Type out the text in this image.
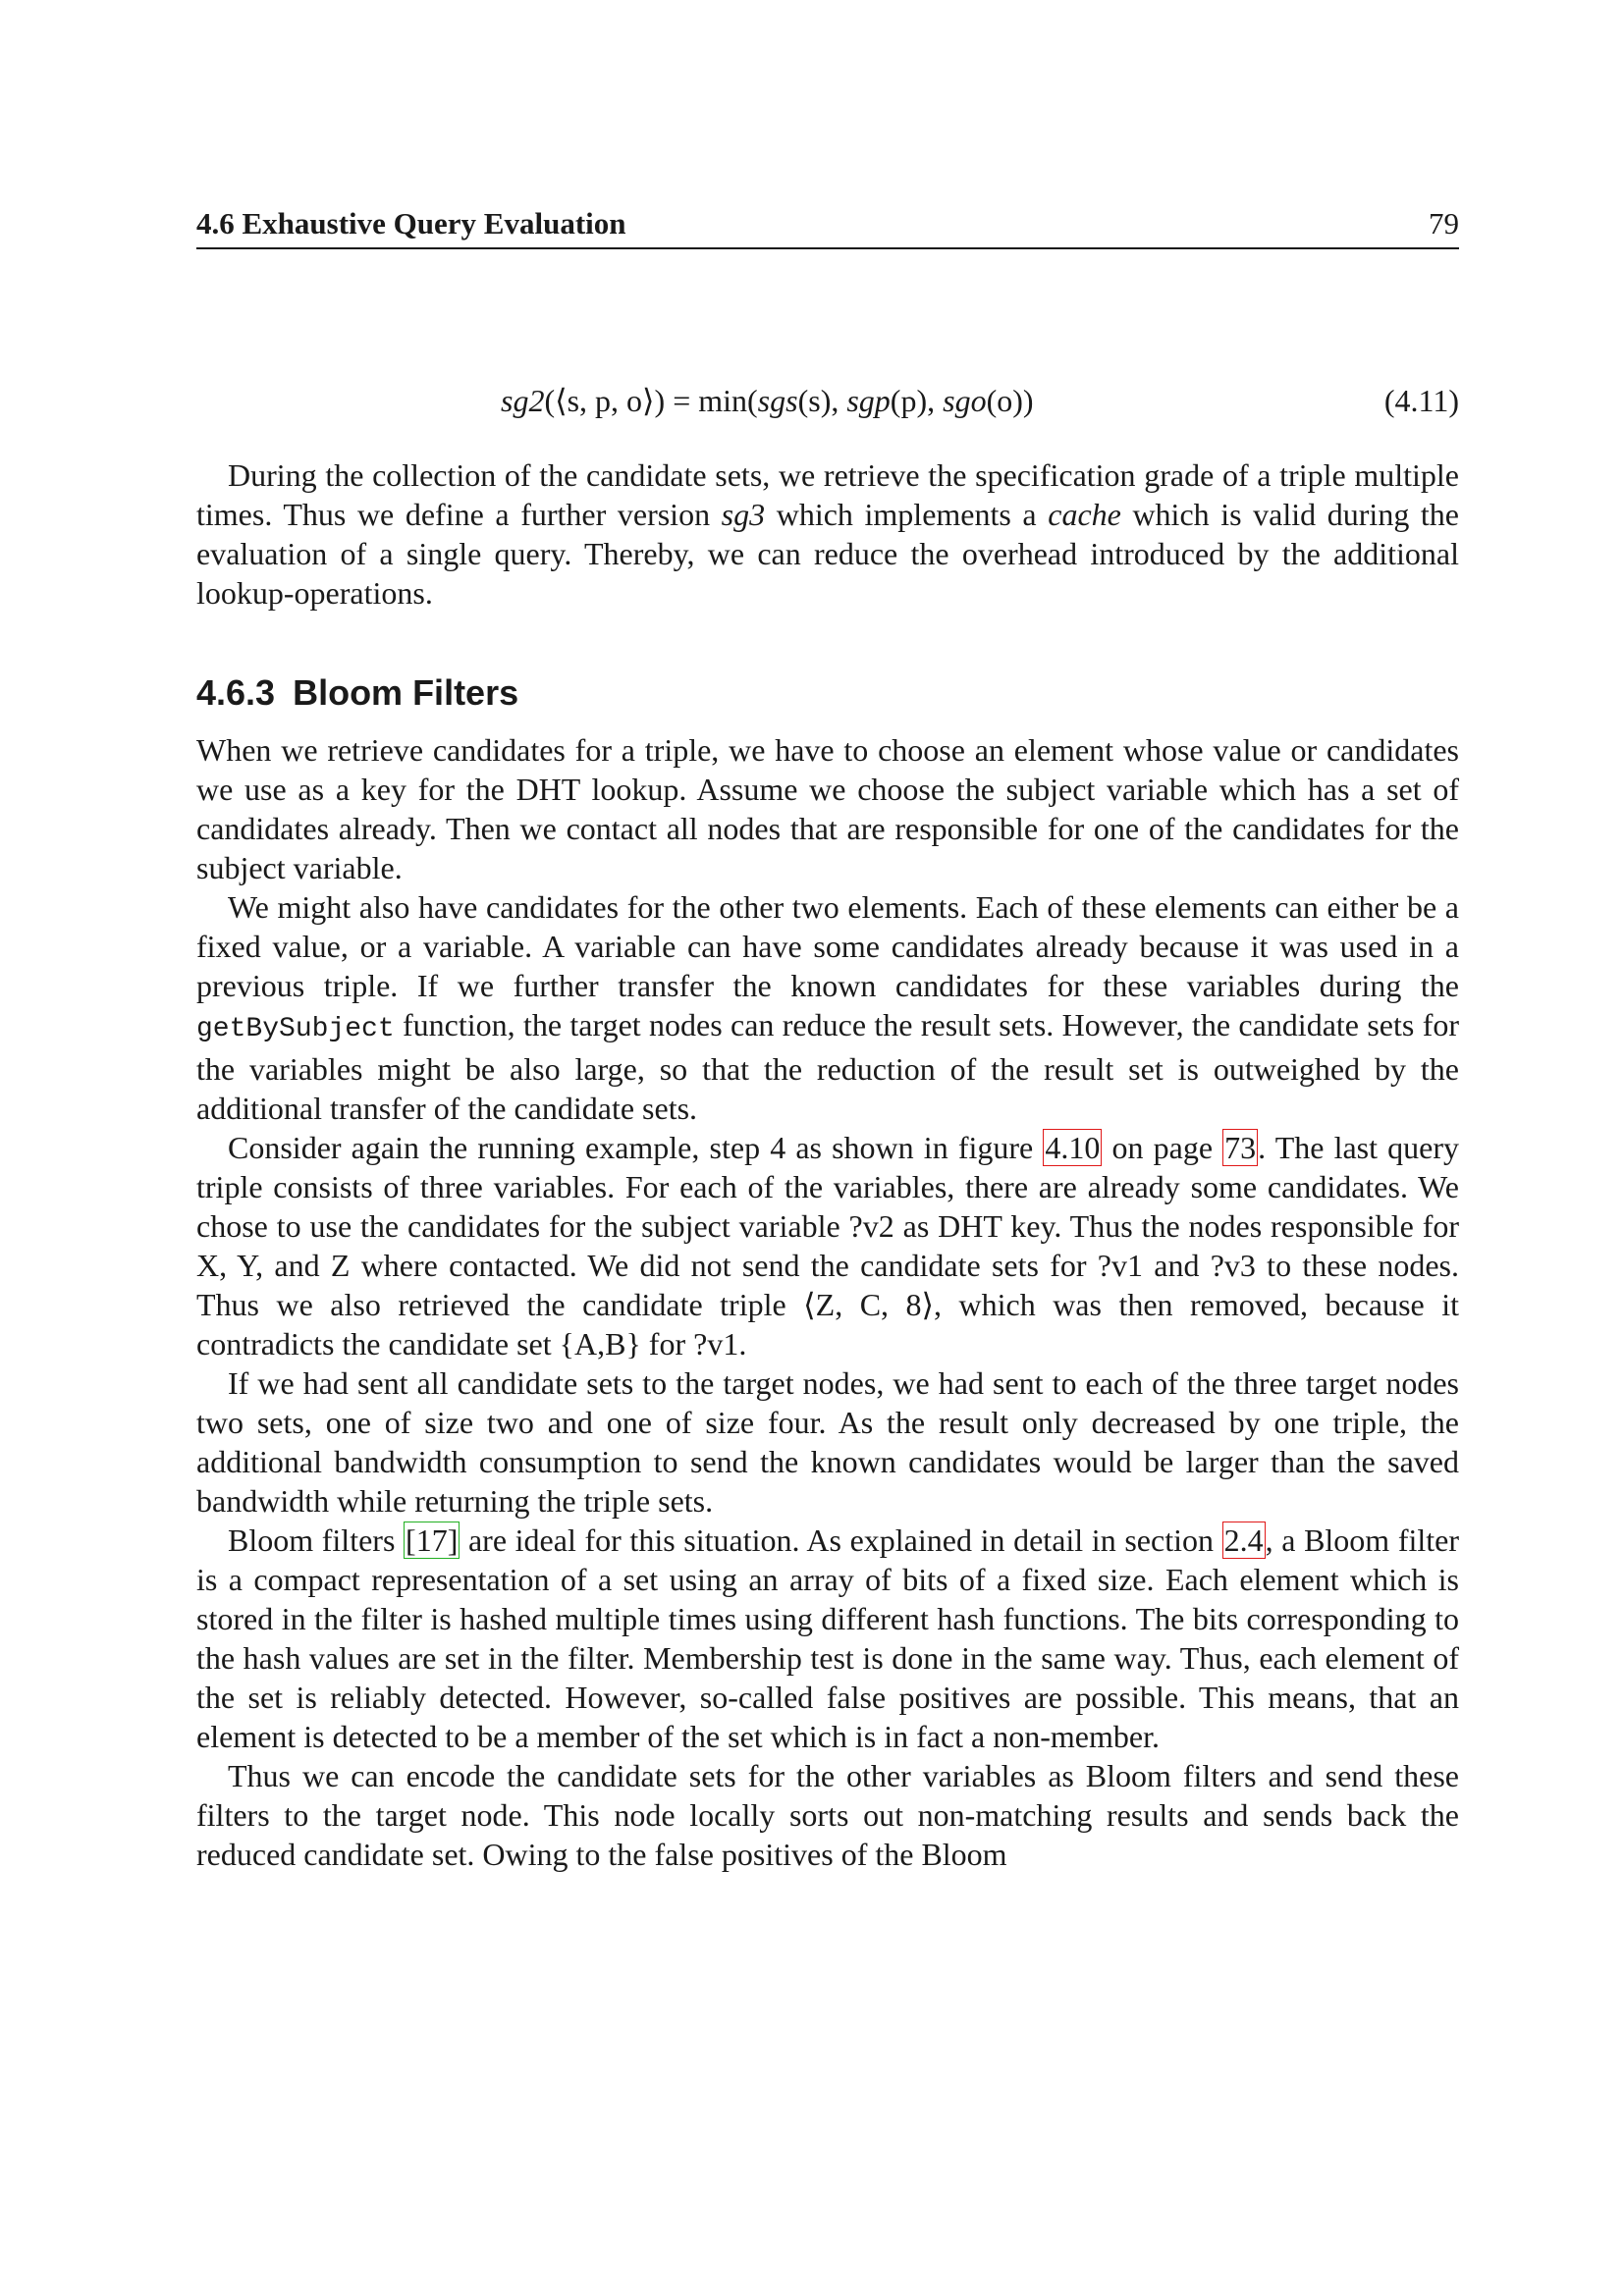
4.6 Exhaustive Query Evaluation	79
sg2(⟨s, p, o⟩) = min(sgs(s), sgp(p), sgo(o))	(4.11)

During the collection of the candidate sets, we retrieve the specification grade of a triple multiple times. Thus we define a further version sg3 which implements a cache which is valid during the evaluation of a single query. Thereby, we can reduce the overhead introduced by the additional lookup-operations.

4.6.3 Bloom Filters

When we retrieve candidates for a triple, we have to choose an element whose value or candidates we use as a key for the DHT lookup. Assume we choose the subject variable which has a set of candidates already. Then we contact all nodes that are responsible for one of the candidates for the subject variable.

We might also have candidates for the other two elements. Each of these elements can either be a fixed value, or a variable. A variable can have some candidates already because it was used in a previous triple. If we further transfer the known candidates for these variables during the getBySubject function, the target nodes can reduce the result sets. However, the candidate sets for the variables might be also large, so that the reduction of the result set is outweighed by the additional transfer of the candidate sets.

Consider again the running example, step 4 as shown in figure 4.10 on page 73. The last query triple consists of three variables. For each of the variables, there are already some candidates. We chose to use the candidates for the subject variable ?v2 as DHT key. Thus the nodes responsible for X, Y, and Z where contacted. We did not send the candidate sets for ?v1 and ?v3 to these nodes. Thus we also retrieved the candidate triple ⟨Z, C, 8⟩, which was then removed, because it contradicts the candidate set {A,B} for ?v1.

If we had sent all candidate sets to the target nodes, we had sent to each of the three target nodes two sets, one of size two and one of size four. As the result only decreased by one triple, the additional bandwidth consumption to send the known candidates would be larger than the saved bandwidth while returning the triple sets.

Bloom filters [17] are ideal for this situation. As explained in detail in section 2.4, a Bloom filter is a compact representation of a set using an array of bits of a fixed size. Each element which is stored in the filter is hashed multiple times using different hash functions. The bits corresponding to the hash values are set in the filter. Membership test is done in the same way. Thus, each element of the set is reliably detected. However, so-called false positives are possible. This means, that an element is detected to be a member of the set which is in fact a non-member.

Thus we can encode the candidate sets for the other variables as Bloom filters and send these filters to the target node. This node locally sorts out non-matching results and sends back the reduced candidate set. Owing to the false positives of the Bloom
